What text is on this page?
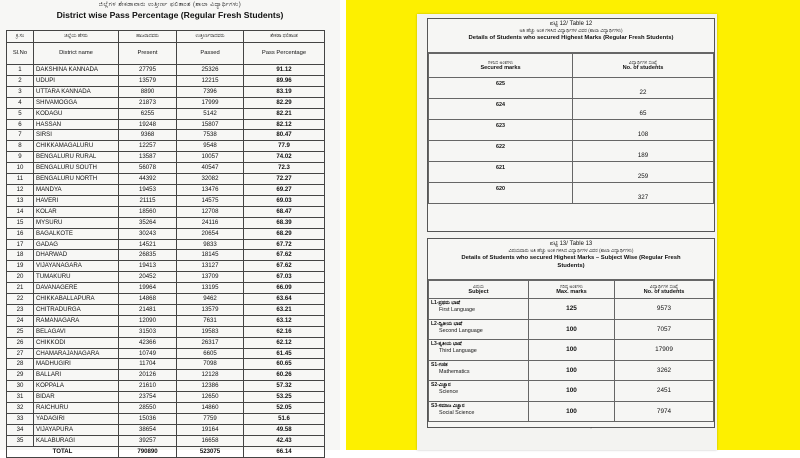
ಜಿಲ್ಲೆಗಳ ಶೇಕಡಾವಾರು ಉತ್ತೀರ್ಣ ಫಲಿತಾಂಶ (ಶಾಲಾ ವಿದ್ಯಾರ್ಥಿಗಳು)
District wise Pass Percentage (Regular Fresh Students)
ಕ್ರ.ಸಂ	ಜಿಲ್ಲೆಯ ಹೆಸರು	ಹಾಜರಾದವರು	ಉತ್ತೀರ್ಣರಾದವರು	ಶೇಕಡಾ ಫಲಿತಾಂಶ
Sl.No	District name	Present	Passed	Pass Percentage
1	DAKSHINA KANNADA	27795	25326	91.12
2	UDUPI	13579	12215	89.96
3	UTTARA KANNADA	8890	7396	83.19
4	SHIVAMOGGA	21873	17999	82.29
5	KODAGU	6255	5142	82.21
6	HASSAN	19248	15807	82.12
7	SIRSI	9368	7538	80.47
8	CHIKKAMAGALURU	12257	9548	77.9
9	BENGALURU RURAL	13587	10057	74.02
10	BENGALURU SOUTH	56078	40547	72.3
11	BENGALURU NORTH	44392	32082	72.27
12	MANDYA	19453	13476	69.27
13	HAVERI	21115	14575	69.03
14	KOLAR	18560	12708	68.47
15	MYSURU	35264	24116	68.39
16	BAGALKOTE	30243	20654	68.29
17	GADAG	14521	9833	67.72
18	DHARWAD	26835	18145	67.62
19	VIJAYANAGARA	19413	13127	67.62
20	TUMAKURU	20452	13709	67.03
21	DAVANAGERE	19964	13195	66.09
22	CHIKKABALLAPURA	14868	9462	63.64
23	CHITRADURGA	21481	13579	63.21
24	RAMANAGARA	12090	7631	63.12
25	BELAGAVI	31503	19583	62.16
26	CHIKKODI	42366	26317	62.12
27	CHAMARAJANAGARA	10749	6605	61.45
28	MADHUGIRI	11704	7098	60.65
29	BALLARI	20126	12128	60.26
30	KOPPALA	21610	12386	57.32
31	BIDAR	23754	12650	53.25
32	RAICHURU	28550	14860	52.05
33	YADAGIRI	15036	7759	51.6
34	VIJAYAPURA	38654	19164	49.58
35	KALABURAGI	39257	16658	42.43
TOTAL		790890	523075	66.14
ಪಟ್ಟಿ 12/ Table 12
ಅತಿ ಹೆಚ್ಚು ಅಂಕ ಗಳಿಸಿದ ವಿದ್ಯಾರ್ಥಿಗಳ ವಿವರ (ಶಾಲಾ ವಿದ್ಯಾರ್ಥಿಗಳು)
Details of Students who secured Highest Marks (Regular Fresh Students)
ಗಳಿಸಿದ ಅಂಕಗಳು
Secured marks	ವಿದ್ಯಾರ್ಥಿಗಳ ಸಂಖ್ಯೆ
No. of students
625	22
624	65
623	108
622	189
621	259
620	327
ಪಟ್ಟಿ 13/ Table 13
ವಿಷಯವಾರು ಅತಿ ಹೆಚ್ಚು ಅಂಕ ಗಳಿಸಿದ ವಿದ್ಯಾರ್ಥಿಗಳ ವಿವರ (ಶಾಲಾ ವಿದ್ಯಾರ್ಥಿಗಳು)
Details of Students who secured Highest Marks – Subject Wise (Regular Fresh Students)
ವಿಷಯ
Subject	ಗರಿಷ್ಠ ಅಂಕಗಳು
Max. marks	ವಿದ್ಯಾರ್ಥಿಗಳ ಸಂಖ್ಯೆ
No. of students

L1-ಪ್ರಥಮ ಭಾಷೆ
First Language	125	9573

L2-ದ್ವಿತೀಯ ಭಾಷೆ
Second Language	100	7057

L3-ತೃತೀಯ ಭಾಷೆ
Third Language	100	17909

S1-ಗಣಿತ
Mathematics	100	3262

S2-ವಿಜ್ಞಾನ
Science	100	2451

S3-ಸಮಾಜ ವಿಜ್ಞಾನ
Social Science	100	7974
ˊ
